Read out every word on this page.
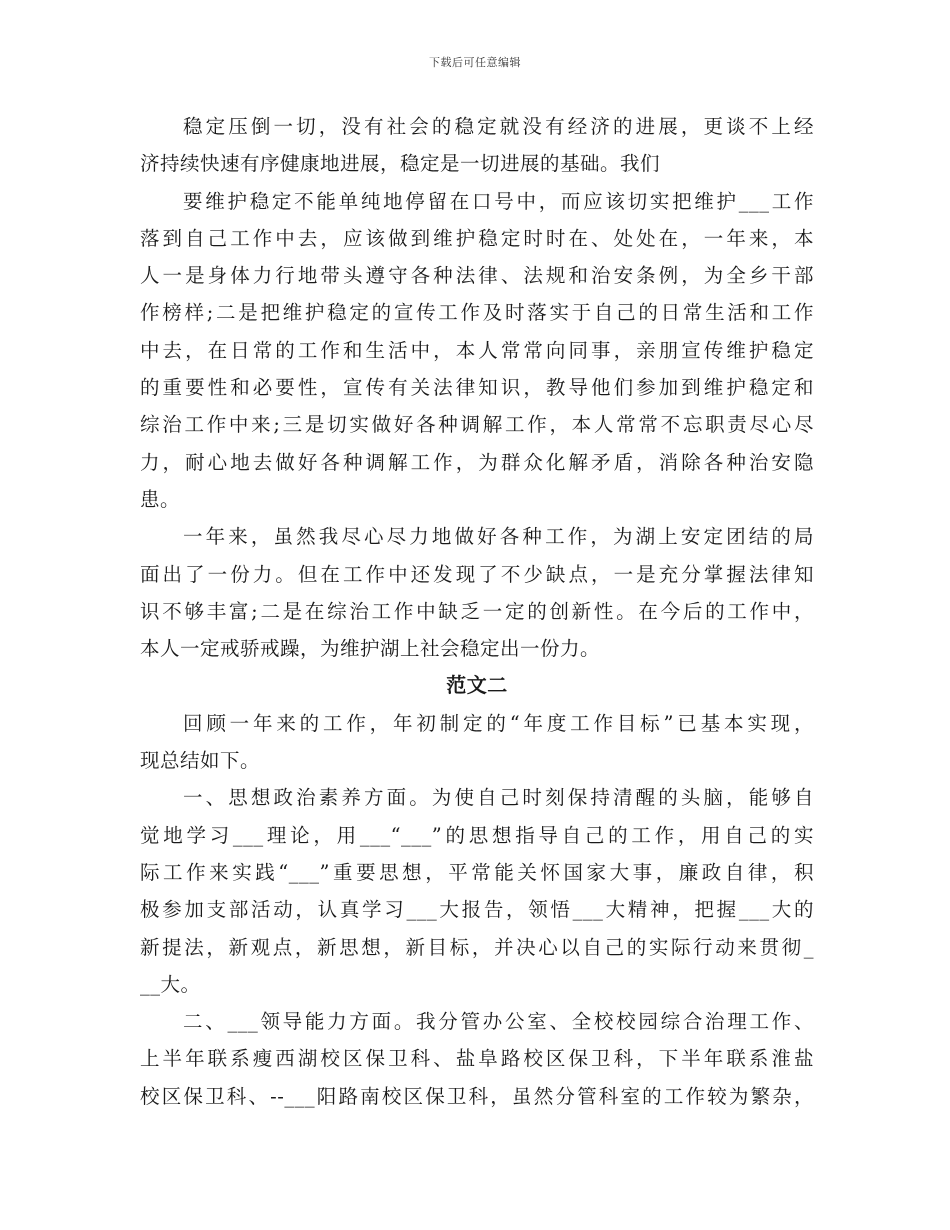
下载后可任意编辑
稳定压倒一切，没有社会的稳定就没有经济的进展，更谈不上经
济持续快速有序健康地进展，稳定是一切进展的基础。我们
要维护稳定不能单纯地停留在口号中，而应该切实把维护___工作
落到自己工作中去，应该做到维护稳定时时在、处处在，一年来，本
人一是身体力行地带头遵守各种法律、法规和治安条例，为全乡干部
作榜样;二是把维护稳定的宣传工作及时落实于自己的日常生活和工作
中去，在日常的工作和生活中，本人常常向同事，亲朋宣传维护稳定
的重要性和必要性，宣传有关法律知识，教导他们参加到维护稳定和
综治工作中来;三是切实做好各种调解工作，本人常常不忘职责尽心尽
力，耐心地去做好各种调解工作，为群众化解矛盾，消除各种治安隐
患。
一年来，虽然我尽心尽力地做好各种工作，为湖上安定团结的局
面出了一份力。但在工作中还发现了不少缺点，一是充分掌握法律知
识不够丰富;二是在综治工作中缺乏一定的创新性。在今后的工作中，
本人一定戒骄戒躁，为维护湖上社会稳定出一份力。
范文二
回顾一年来的工作，年初制定的“年度工作目标”已基本实现，
现总结如下。
一、思想政治素养方面。为使自己时刻保持清醒的头脑，能够自
觉地学习___理论，用___“___”的思想指导自己的工作，用自己的实
际工作来实践“___”重要思想，平常能关怀国家大事，廉政自律，积
极参加支部活动，认真学习___大报告，领悟___大精神，把握___大的
新提法，新观点，新思想，新目标，并决心以自己的实际行动来贯彻_
__大。
二、___领导能力方面。我分管办公室、全校校园综合治理工作、
上半年联系瘦西湖校区保卫科、盐阜路校区保卫科，下半年联系淮盐
校区保卫科、--___阳路南校区保卫科，虽然分管科室的工作较为繁杂，
